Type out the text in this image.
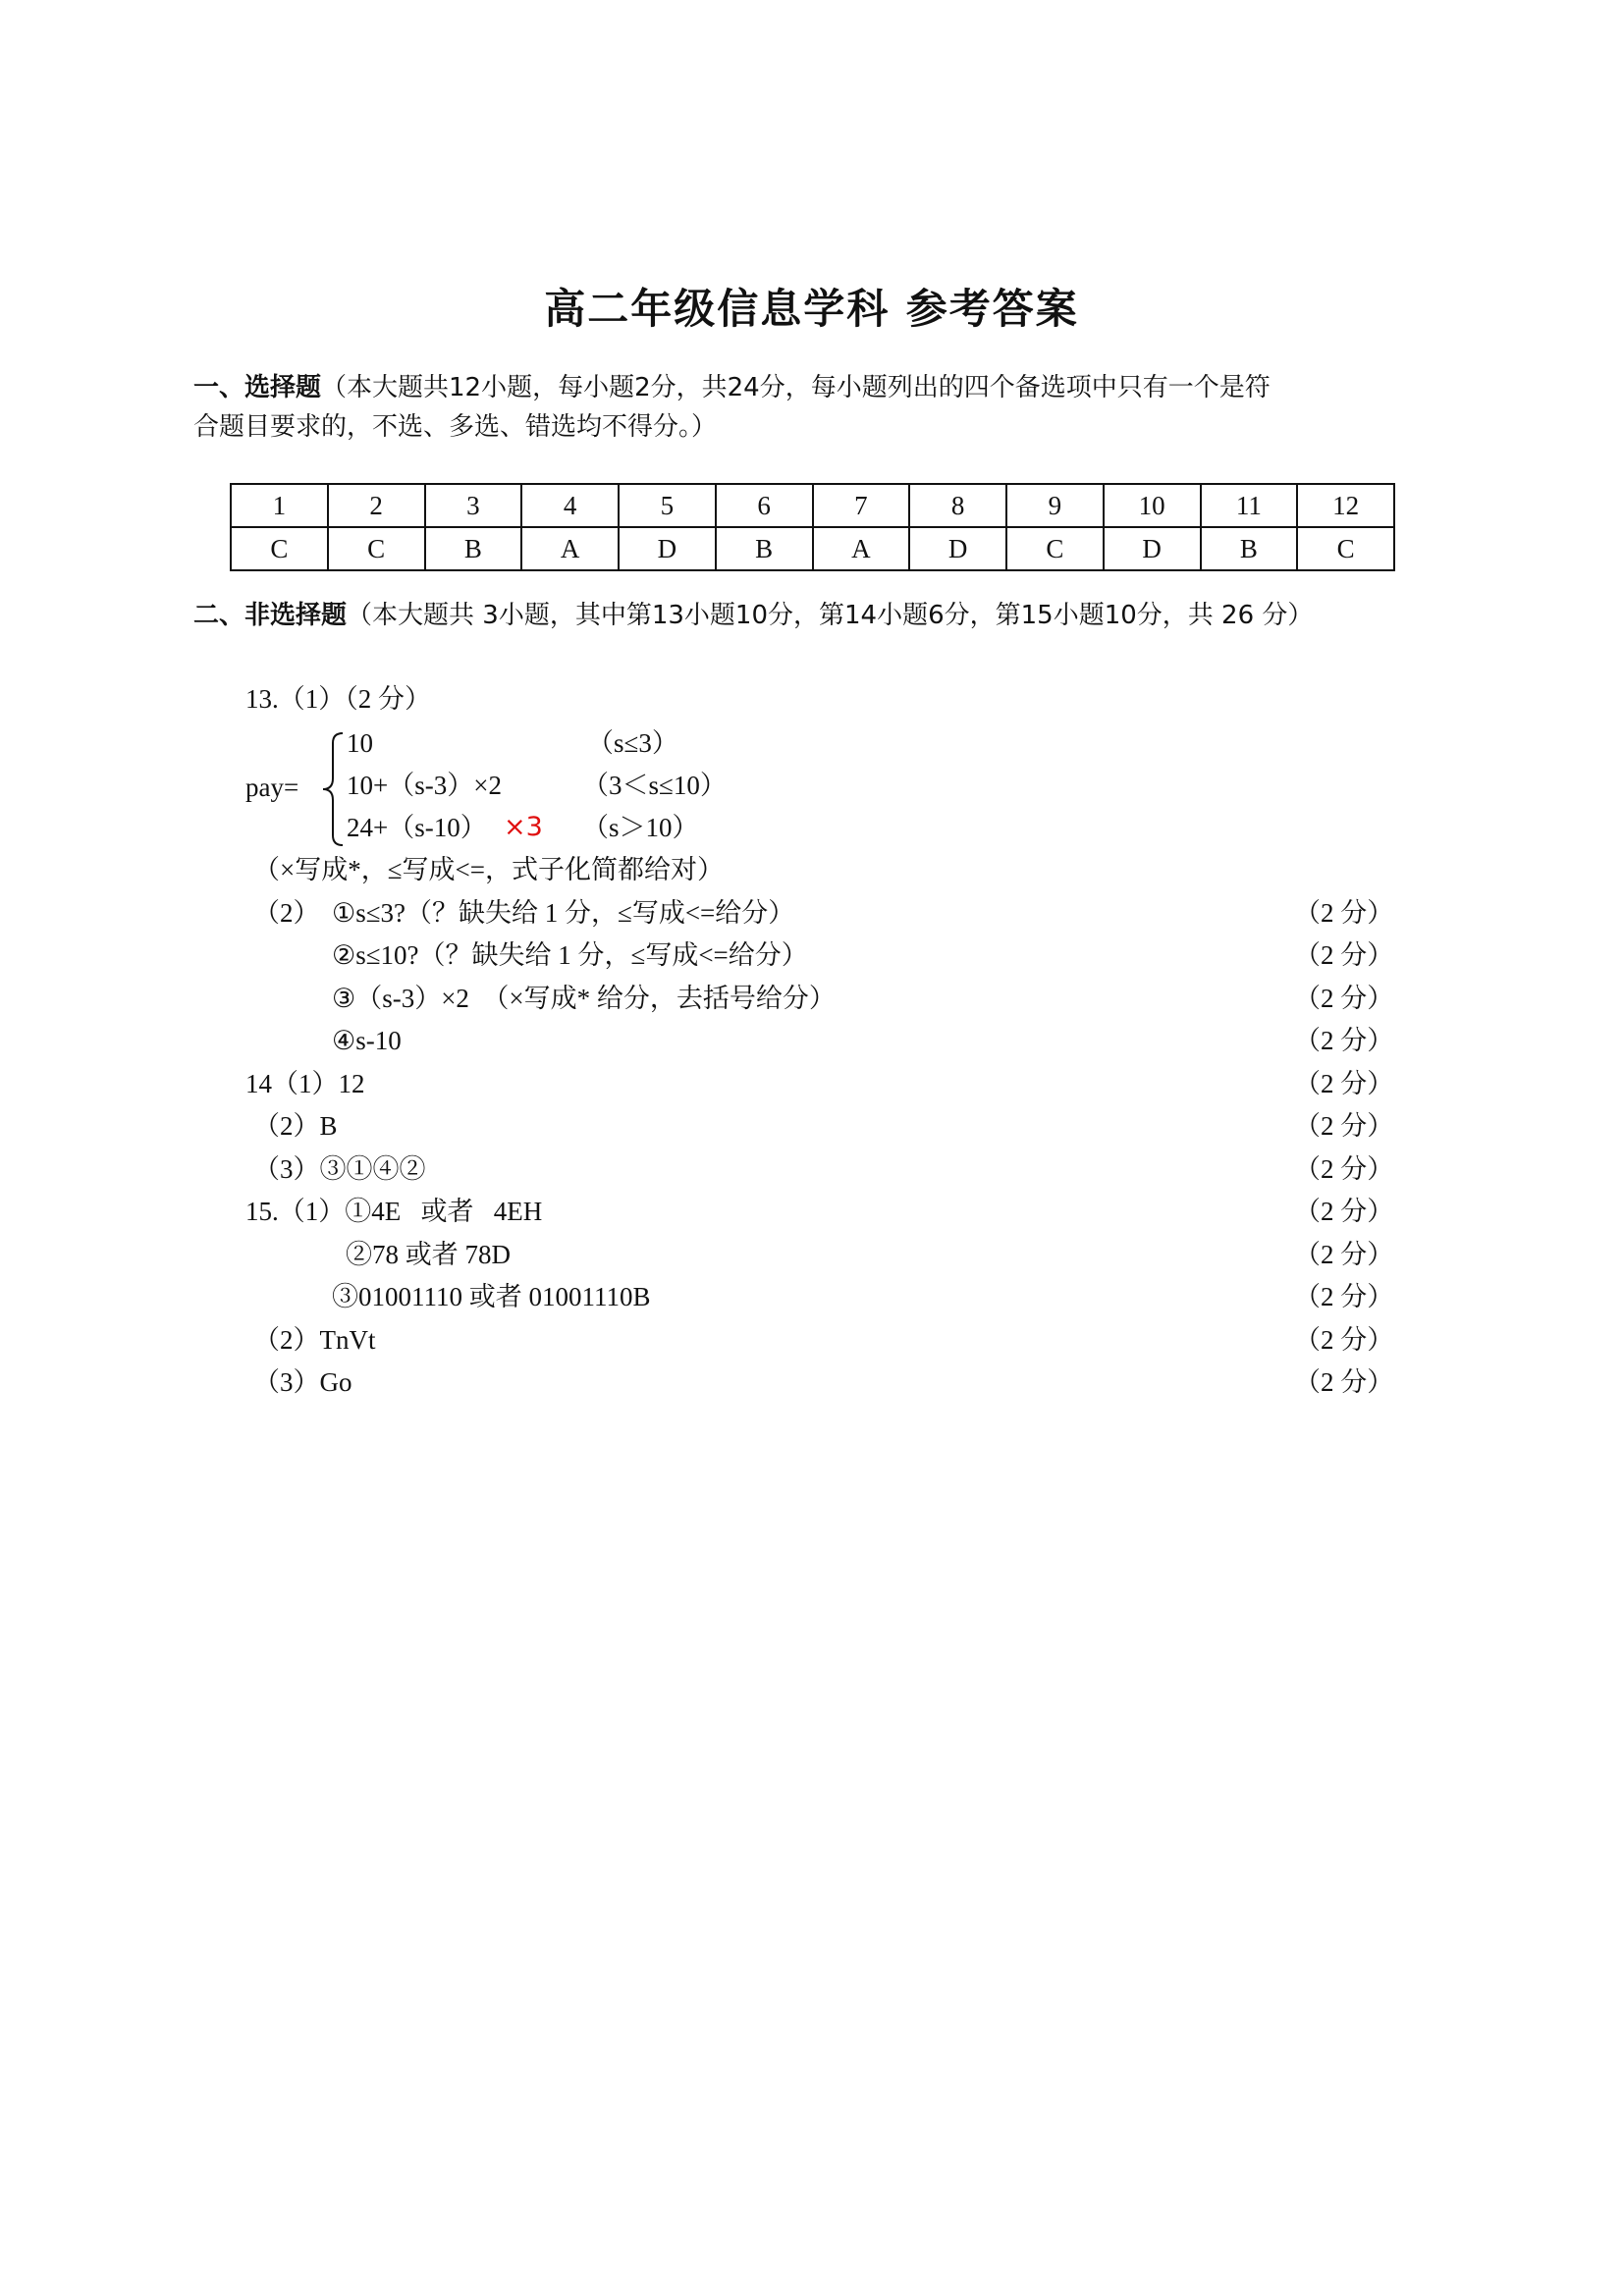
高二年级信息学科 参考答案
一、选择题（本大题共12小题，每小题2分，共24分，每小题列出的四个备选项中只有一个是符
合题目要求的，不选、多选、错选均不得分。）
1	2	3	4	5	6	7	8	9	10	11	12
C	C	B	A	D	B	A	D	C	D	B	C
二、非选择题（本大题共 3小题，其中第13小题10分，第14小题6分，第15小题10分，共 26 分）
13.（1）（2 分）
pay=
10	（s≤3）
10+（s-3）×2	（3＜s≤10）
24+（s-10） ×3 （s＞10）
（×写成*，≤写成<=，式子化简都给对）
（2） ①s≤3?（？缺失给 1 分，≤写成<=给分）	（2 分）
②s≤10?（？缺失给 1 分，≤写成<=给分）	（2 分）
③（s-3）×2  （×写成* 给分，去括号给分）	（2 分）
④s-10	（2 分）
14（1）12	（2 分）
（2）B	（2 分）
（3）③①④②	（2 分）
15.（1）①4E   或者   4EH	（2 分）
②78 或者 78D	（2 分）
③01001110 或者 01001110B	（2 分）
（2）TnVt	（2 分）
（3）Go	（2 分）
